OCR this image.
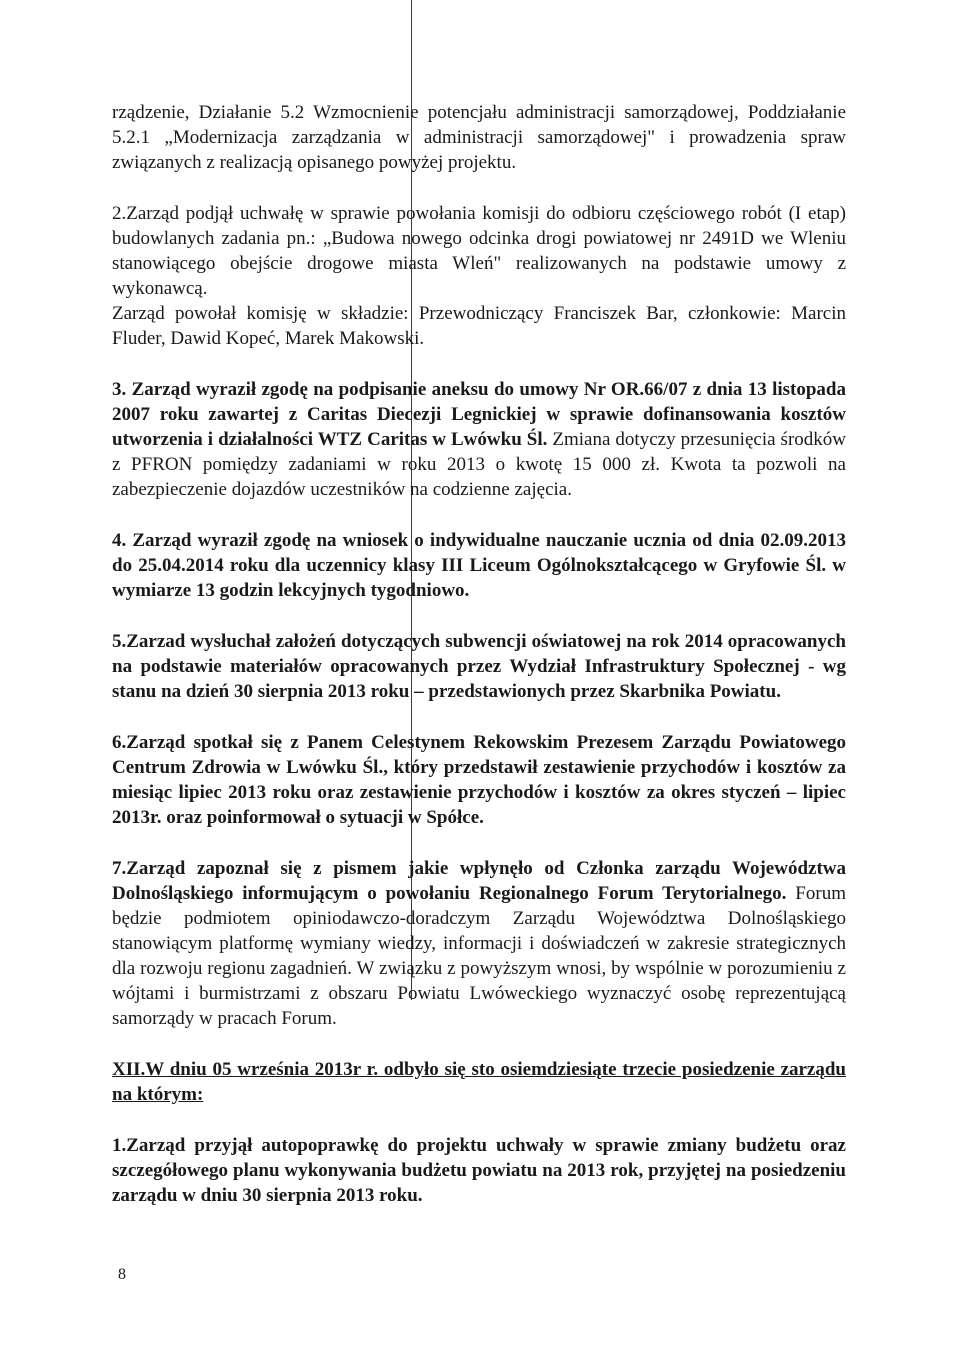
rządzenie, Działanie 5.2 Wzmocnienie potencjału administracji samorządowej, Poddziałanie 5.2.1 „Modernizacja zarządzania w administracji samorządowej" i prowadzenia spraw związanych z realizacją opisanego powyżej projektu.

2.Zarząd podjął uchwałę w sprawie powołania komisji do odbioru częściowego robót (I etap) budowlanych zadania pn.: „Budowa nowego odcinka drogi powiatowej nr 2491D we Wleniu stanowiącego obejście drogowe miasta Wleń" realizowanych na podstawie umowy z wykonawcą.

Zarząd powołał komisję w składzie: Przewodniczący Franciszek Bar, członkowie: Marcin Fluder, Dawid Kopeć, Marek Makowski.

3. Zarząd wyraził zgodę na podpisanie aneksu do umowy Nr OR.66/07 z dnia 13 listopada 2007 roku zawartej z Caritas Diecezji Legnickiej w sprawie dofinansowania kosztów utworzenia i działalności WTZ Caritas w Lwówku Śl. Zmiana dotyczy przesunięcia środków z PFRON pomiędzy zadaniami w roku 2013 o kwotę 15 000 zł. Kwota ta pozwoli na zabezpieczenie dojazdów uczestników na codzienne zajęcia.

4. Zarząd wyraził zgodę na wniosek o indywidualne nauczanie ucznia od dnia 02.09.2013 do 25.04.2014 roku dla uczennicy klasy III Liceum Ogólnokształcącego w Gryfowie Śl. w wymiarze 13 godzin lekcyjnych tygodniowo.

5.Zarzad wysłuchał założeń dotyczących subwencji oświatowej na rok 2014 opracowanych na podstawie materiałów opracowanych przez Wydział Infrastruktury Społecznej - wg stanu na dzień 30 sierpnia 2013 roku – przedstawionych przez Skarbnika Powiatu.

6.Zarząd spotkał się z Panem Celestynem Rekowskim Prezesem Zarządu Powiatowego Centrum Zdrowia w Lwówku Śl., który przedstawił zestawienie przychodów i kosztów za miesiąc lipiec 2013 roku oraz zestawienie przychodów i kosztów za okres styczeń – lipiec 2013r. oraz poinformował o sytuacji w Spółce.

7.Zarząd zapoznał się z pismem jakie wpłynęło od Członka zarządu Województwa Dolnośląskiego informującym o powołaniu Regionalnego Forum Terytorialnego. Forum będzie podmiotem opiniodawczo-doradczym Zarządu Województwa Dolnośląskiego stanowiącym platformę wymiany wiedzy, informacji i doświadczeń w zakresie strategicznych dla rozwoju regionu zagadnień. W związku z powyższym wnosi, by wspólnie w porozumieniu z wójtami i burmistrzami z obszaru Powiatu Lwóweckiego wyznaczyć osobę reprezentującą samorządy w pracach Forum.

XII.W dniu 05 września 2013r r. odbyło się sto osiemdziesiąte trzecie posiedzenie zarządu na którym:

1.Zarząd przyjął autopoprawkę do projektu uchwały w sprawie zmiany budżetu oraz szczegółowego planu wykonywania budżetu powiatu na 2013 rok, przyjętej na posiedzeniu zarządu w dniu 30 sierpnia 2013 roku.

8
